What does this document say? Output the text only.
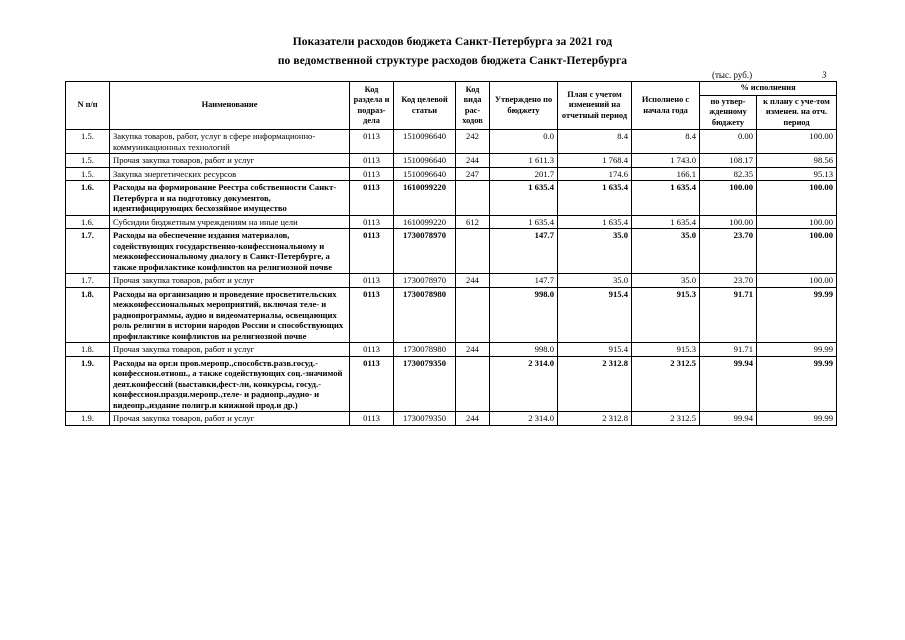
Показатели расходов бюджета Санкт-Петербурга за 2021 год
по ведомственной структуре расходов бюджета Санкт-Петербурга
(тыс. руб.)	3
N п/п	Наименование	Код раздела и подраз-дела	Код целевой статьи	Код вида рас-ходов	Утверждено по бюджету	План с учетом изменений на отчетный период	Исполнено с начала года	% исполнения	
								по утвер-жденному бюджету	к плану с уче-том изменен. на отч. период
1.5.	Закупка товаров, работ, услуг в сфере информационно-коммуникационных технологий	0113	1510096640	242	0.0	8.4	8.4	0.00	100.00
1.5.	Прочая закупка товаров, работ и услуг	0113	1510096640	244	1 611.3	1 768.4	1 743.0	108.17	98.56
1.5.	Закупка энергетических ресурсов	0113	1510096640	247	201.7	174.6	166.1	82.35	95.13
1.6.	Расходы на формирование Реестра собственности Санкт-Петербурга и на подготовку документов, идентифицирующих бесхозяйное имущество	0113	1610099220		1 635.4	1 635.4	1 635.4	100.00	100.00
1.6.	Субсидии бюджетным учреждениям на иные цели	0113	1610099220	612	1 635.4	1 635.4	1 635.4	100.00	100.00
1.7.	Расходы на обеспечение издания материалов, содействующих государственно-конфессиональному и межконфессиональному диалогу в Санкт-Петербурге, а также профилактике конфликтов на религиозной почве	0113	1730078970		147.7	35.0	35.0	23.70	100.00
1.7.	Прочая закупка товаров, работ и услуг	0113	1730078970	244	147.7	35.0	35.0	23.70	100.00
1.8.	Расходы на организацию и проведение просветительских межконфессиональных мероприятий, включая теле- и радиопрограммы, аудио и видеоматериалы, освещающих роль религии в истории народов России и способствующих профилактике конфликтов на религиозной почве	0113	1730078980		998.0	915.4	915.3	91.71	99.99
1.8.	Прочая закупка товаров, работ и услуг	0113	1730078980	244	998.0	915.4	915.3	91.71	99.99
1.9.	Расходы на орг.и пров.меропр.,способств.разв.госуд.-конфессион.отнош., а также содействующих соц.-значимой деят.конфессий (выставки,фест-ли, конкурсы, госуд.-конфессион.праздн.меропр.,теле- и радиопр.,аудио- и видеопр.,издание полигр.и книжной прод.и др.)	0113	1730079350		2 314.0	2 312.8	2 312.5	99.94	99.99
1.9.	Прочая закупка товаров, работ и услуг	0113	1730079350	244	2 314.0	2 312.8	2 312.5	99.94	99.99
